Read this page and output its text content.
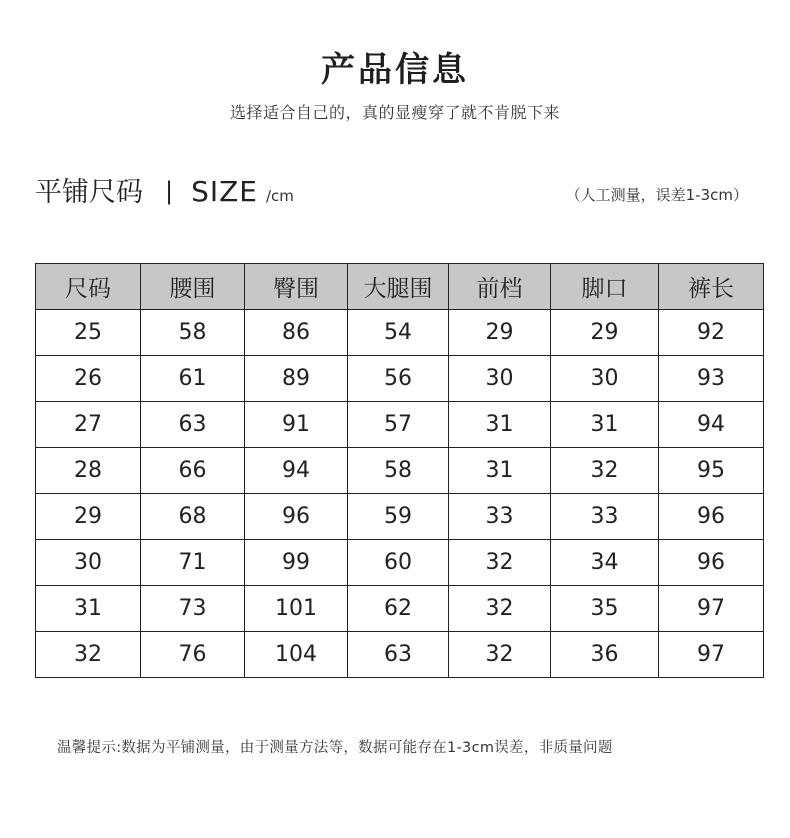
产品信息
选择适合自己的，真的显瘦穿了就不肯脱下来
平铺尺码 | SIZE /cm	（人工测量，误差1-3cm）
尺码	腰围	臀围	大腿围	前档	脚口	裤长
25	58	86	54	29	29	92
26	61	89	56	30	30	93
27	63	91	57	31	31	94
28	66	94	58	31	32	95
29	68	96	59	33	33	96
30	71	99	60	32	34	96
31	73	101	62	32	35	97
32	76	104	63	32	36	97
温馨提示:数据为平铺测量，由于测量方法等，数据可能存在1-3cm误差，非质量问题
